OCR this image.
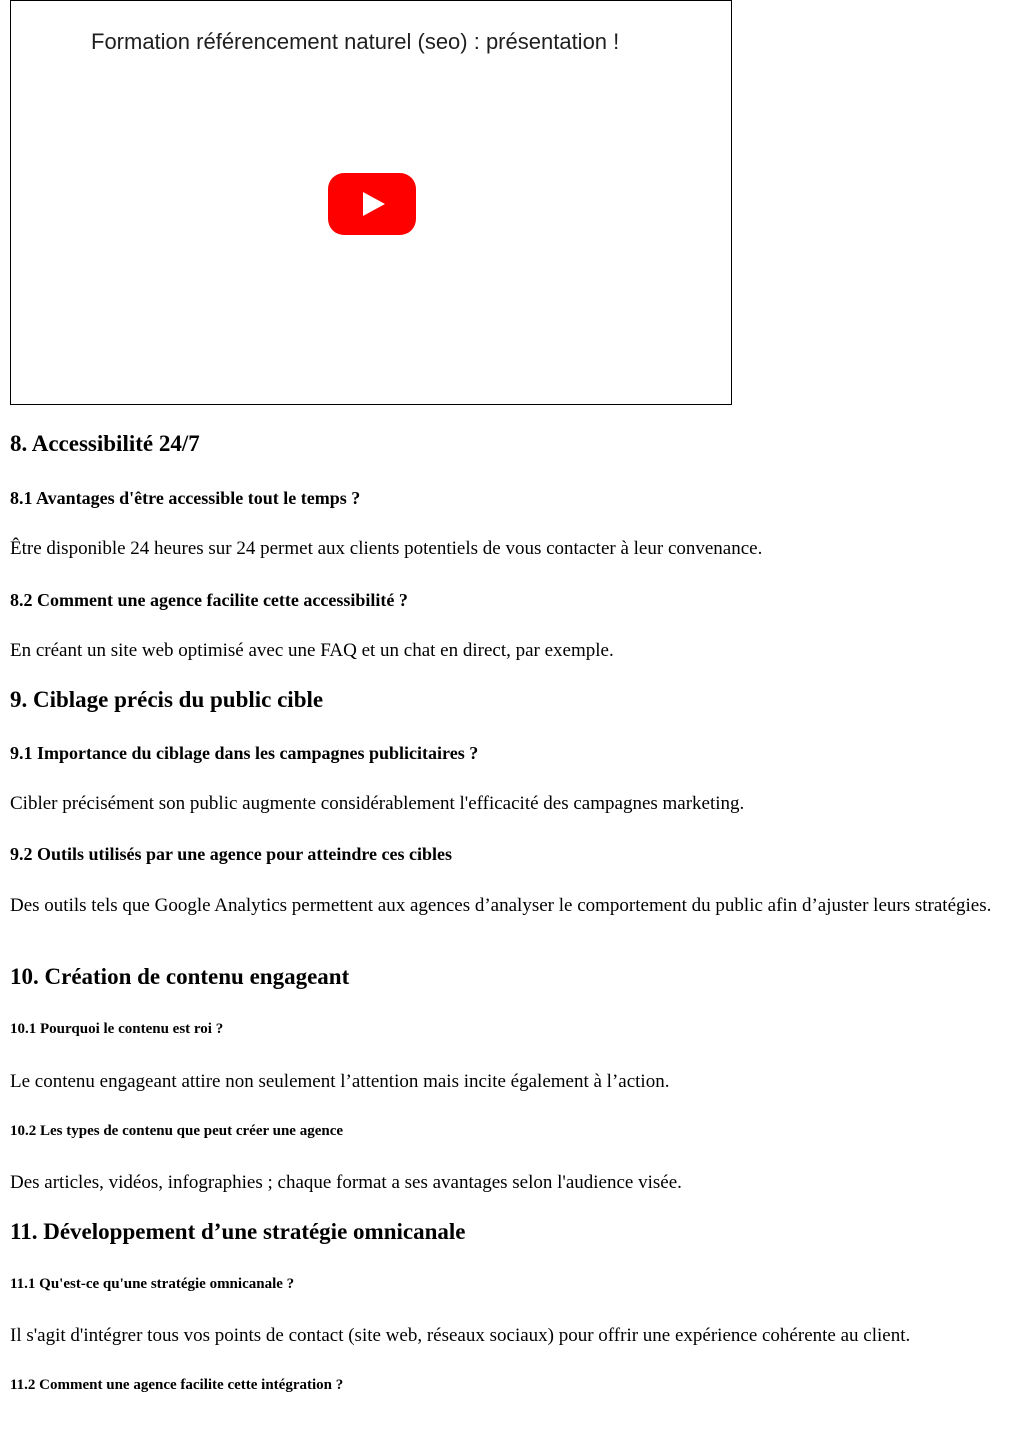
Formation référencement naturel (seo) : présentation !
8. Accessibilité 24/7
8.1 Avantages d'être accessible tout le temps ?

Être disponible 24 heures sur 24 permet aux clients potentiels de vous contacter à leur convenance.

8.2 Comment une agence facilite cette accessibilité ?

En créant un site web optimisé avec une FAQ et un chat en direct, par exemple.

9. Ciblage précis du public cible
9.1 Importance du ciblage dans les campagnes publicitaires ?

Cibler précisément son public augmente considérablement l'efficacité des campagnes marketing.

9.2 Outils utilisés par une agence pour atteindre ces cibles

Des outils tels que Google Analytics permettent aux agences d’analyser le comportement du public afin d’ajuster leurs stratégies.

10. Création de contenu engageant
10.1 Pourquoi le contenu est roi ?

Le contenu engageant attire non seulement l’attention mais incite également à l’action.

10.2 Les types de contenu que peut créer une agence

Des articles, vidéos, infographies ; chaque format a ses avantages selon l'audience visée.

11. Développement d’une stratégie omnicanale
11.1 Qu'est-ce qu'une stratégie omnicanale ?

Il s'agit d'intégrer tous vos points de contact (site web, réseaux sociaux) pour offrir une expérience cohérente au client.

11.2 Comment une agence facilite cette intégration ?
